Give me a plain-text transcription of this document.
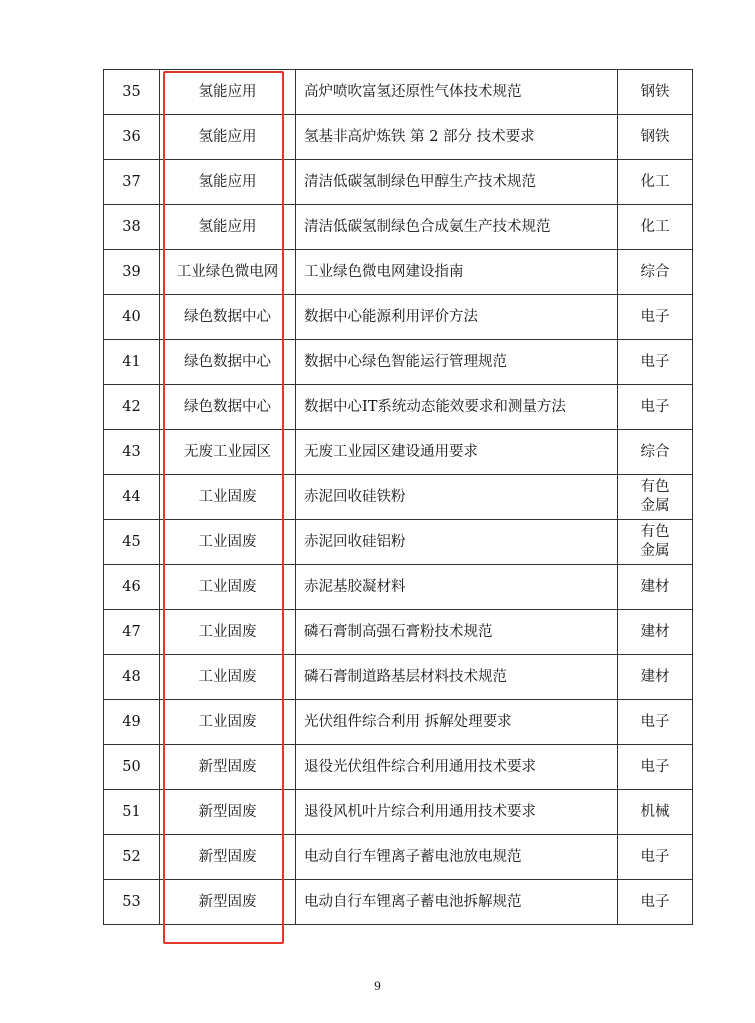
35	氢能应用	高炉喷吹富氢还原性气体技术规范	钢铁
36	氢能应用	氢基非高炉炼铁 第 2 部分 技术要求	钢铁
37	氢能应用	清洁低碳氢制绿色甲醇生产技术规范	化工
38	氢能应用	清洁低碳氢制绿色合成氨生产技术规范	化工
39	工业绿色微电网	工业绿色微电网建设指南	综合
40	绿色数据中心	数据中心能源利用评价方法	电子
41	绿色数据中心	数据中心绿色智能运行管理规范	电子
42	绿色数据中心	数据中心IT系统动态能效要求和测量方法	电子
43	无废工业园区	无废工业园区建设通用要求	综合
44	工业固废	赤泥回收硅铁粉	有色金属
45	工业固废	赤泥回收硅铝粉	有色金属
46	工业固废	赤泥基胶凝材料	建材
47	工业固废	磷石膏制高强石膏粉技术规范	建材
48	工业固废	磷石膏制道路基层材料技术规范	建材
49	工业固废	光伏组件综合利用 拆解处理要求	电子
50	新型固废	退役光伏组件综合利用通用技术要求	电子
51	新型固废	退役风机叶片综合利用通用技术要求	机械
52	新型固废	电动自行车锂离子蓄电池放电规范	电子
53	新型固废	电动自行车锂离子蓄电池拆解规范	电子
9
